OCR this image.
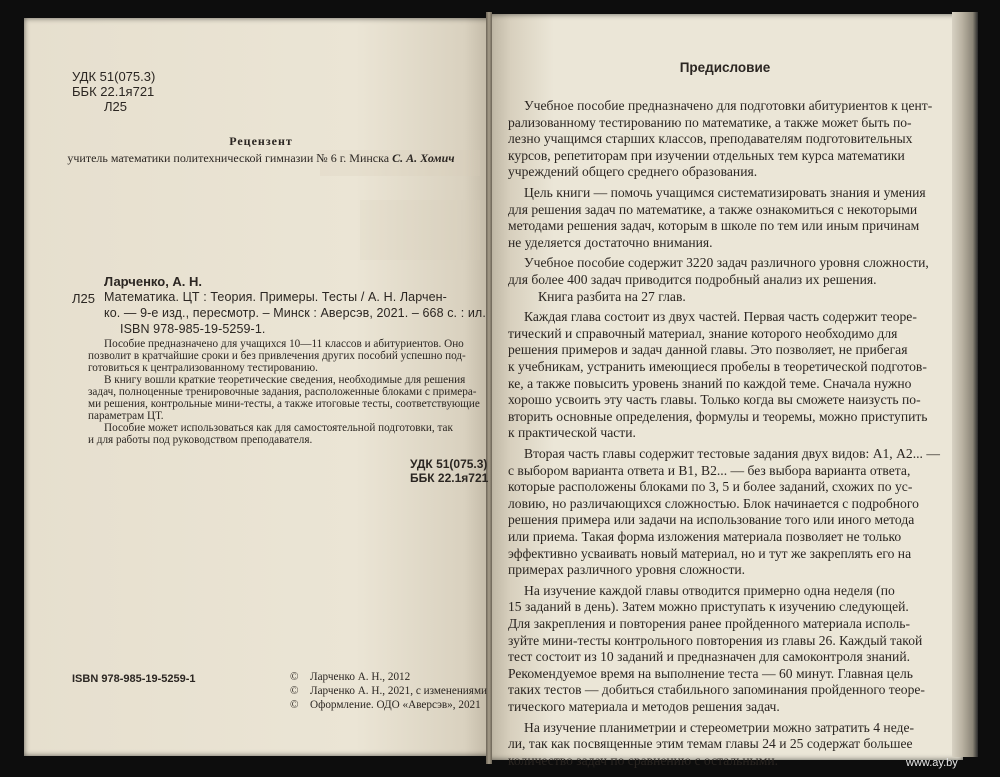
УДК 51(075.3)
ББК 22.1я721
Л25
Рецензент
учитель математики политехнической гимназии № 6 г. Минска С. А. Хомич
Ларченко, А. Н.
Л25 Математика. ЦТ : Теория. Примеры. Тесты / А. Н. Ларчен-
ко. — 9-е изд., пересмотр. – Минск : Аверсэв, 2021. – 668 с. : ил.
ISBN 978-985-19-5259-1.
Пособие предназначено для учащихся 10—11 классов и абитуриентов. Оно
позволит в кратчайшие сроки и без привлечения других пособий успешно под-
готовиться к централизованному тестированию.
В книгу вошли краткие теоретические сведения, необходимые для решения
задач, полноценные тренировочные задания, расположенные блоками с примера-
ми решения, контрольные мини-тесты, а также итоговые тесты, соответствующие
параметрам ЦТ.
Пособие может использоваться как для самостоятельной подготовки, так
и для работы под руководством преподавателя.
УДК 51(075.3)
ББК 22.1я721
ISBN 978-985-19-5259-1	© Ларченко А. Н., 2012
© Ларченко А. Н., 2021, с изменениями
© Оформление. ОДО «Аверсэв», 2021
Предисловие
Учебное пособие предназначено для подготовки абитуриентов к цент-
рализованному тестированию по математике, а также может быть по-
лезно учащимся старших классов, преподавателям подготовительных
курсов, репетиторам при изучении отдельных тем курса математики
учреждений общего среднего образования.
Цель книги — помочь учащимся систематизировать знания и умения
для решения задач по математике, а также ознакомиться с некоторыми
методами решения задач, которым в школе по тем или иным причинам
не уделяется достаточно внимания.
Учебное пособие содержит 3220 задач различного уровня сложности,
для более 400 задач приводится подробный анализ их решения.
Книга разбита на 27 глав.
Каждая глава состоит из двух частей. Первая часть содержит теоре-
тический и справочный материал, знание которого необходимо для
решения примеров и задач данной главы. Это позволяет, не прибегая
к учебникам, устранить имеющиеся пробелы в теоретической подготов-
ке, а также повысить уровень знаний по каждой теме. Сначала нужно
хорошо усвоить эту часть главы. Только когда вы сможете наизусть по-
вторить основные определения, формулы и теоремы, можно приступить
к практической части.
Вторая часть главы содержит тестовые задания двух видов: А1, А2... —
с выбором варианта ответа и В1, В2... — без выбора варианта ответа,
которые расположены блоками по 3, 5 и более заданий, схожих по ус-
ловию, но различающихся сложностью. Блок начинается с подробного
решения примера или задачи на использование того или иного метода
или приема. Такая форма изложения материала позволяет не только
эффективно усваивать новый материал, но и тут же закреплять его на
примерах различного уровня сложности.
На изучение каждой главы отводится примерно одна неделя (по
15 заданий в день). Затем можно приступать к изучению следующей.
Для закрепления и повторения ранее пройденного материала исполь-
зуйте мини-тесты контрольного повторения из главы 26. Каждый такой
тест состоит из 10 заданий и предназначен для самоконтроля знаний.
Рекомендуемое время на выполнение теста — 60 минут. Главная цель
таких тестов — добиться стабильного запоминания пройденного теоре-
тического материала и методов решения задач.
На изучение планиметрии и стереометрии можно затратить 4 неде-
ли, так как посвященные этим темам главы 24 и 25 содержат большее
количество задач по сравнению с остальными.	www.ay.by
